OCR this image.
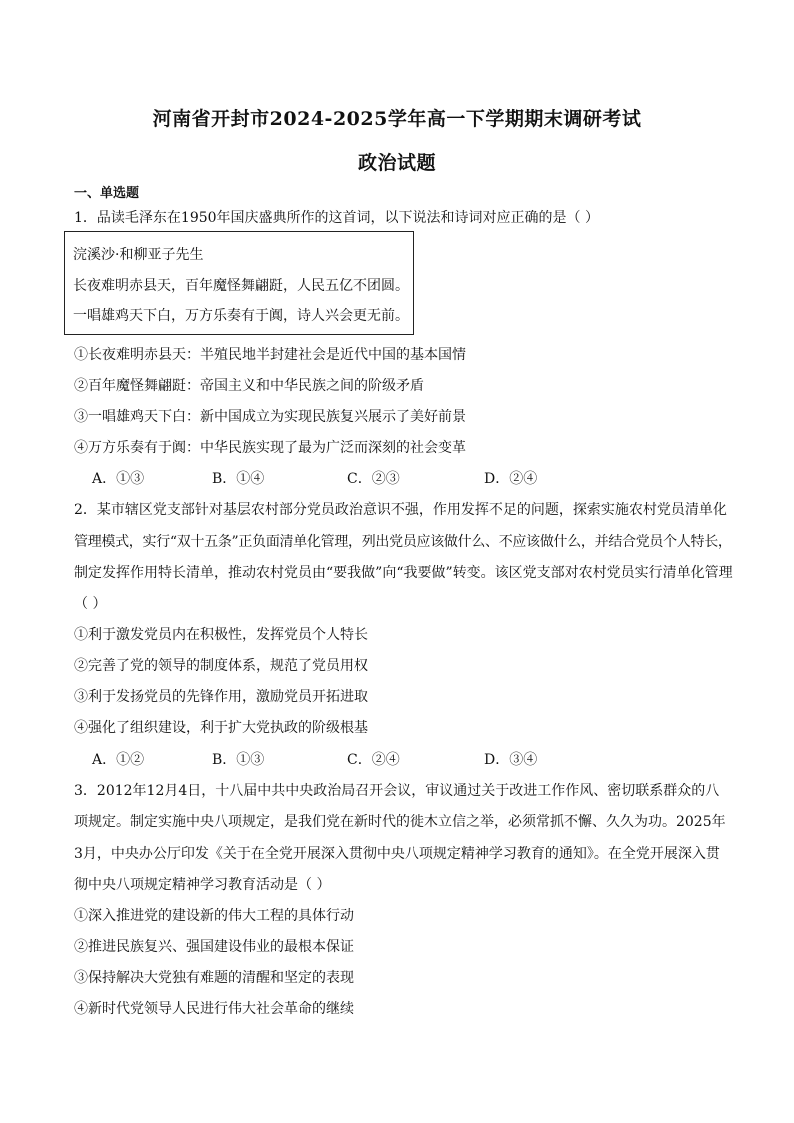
河南省开封市2024-2025学年高一下学期期末调研考试
政治试题
一、单选题
1．品读毛泽东在1950年国庆盛典所作的这首词，以下说法和诗词对应正确的是（ ）
浣溪沙·和柳亚子先生
长夜难明赤县天，百年魔怪舞翩跹，人民五亿不团圆。
一唱雄鸡天下白，万方乐奏有于阗，诗人兴会更无前。
①长夜难明赤县天：半殖民地半封建社会是近代中国的基本国情
②百年魔怪舞翩跹：帝国主义和中华民族之间的阶级矛盾
③一唱雄鸡天下白：新中国成立为实现民族复兴展示了美好前景
④万方乐奏有于阗：中华民族实现了最为广泛而深刻的社会变革
A．①③	B．①④	C．②③	D．②④
2．某市辖区党支部针对基层农村部分党员政治意识不强，作用发挥不足的问题，探索实施农村党员清单化
管理模式，实行“双十五条”正负面清单化管理，列出党员应该做什么、不应该做什么，并结合党员个人特长，
制定发挥作用特长清单，推动农村党员由“要我做”向“我要做”转变。该区党支部对农村党员实行清单化管理
（ ）
①利于激发党员内在积极性，发挥党员个人特长
②完善了党的领导的制度体系，规范了党员用权
③利于发扬党员的先锋作用，激励党员开拓进取
④强化了组织建设，利于扩大党执政的阶级根基
A．①②	B．①③	C．②④	D．③④
3．2012年12月4日，十八届中共中央政治局召开会议，审议通过关于改进工作作风、密切联系群众的八
项规定。制定实施中央八项规定，是我们党在新时代的徙木立信之举，必须常抓不懈、久久为功。2025年
3月，中央办公厅印发《关于在全党开展深入贯彻中央八项规定精神学习教育的通知》。在全党开展深入贯
彻中央八项规定精神学习教育活动是（ ）
①深入推进党的建设新的伟大工程的具体行动
②推进民族复兴、强国建设伟业的最根本保证
③保持解决大党独有难题的清醒和坚定的表现
④新时代党领导人民进行伟大社会革命的继续
